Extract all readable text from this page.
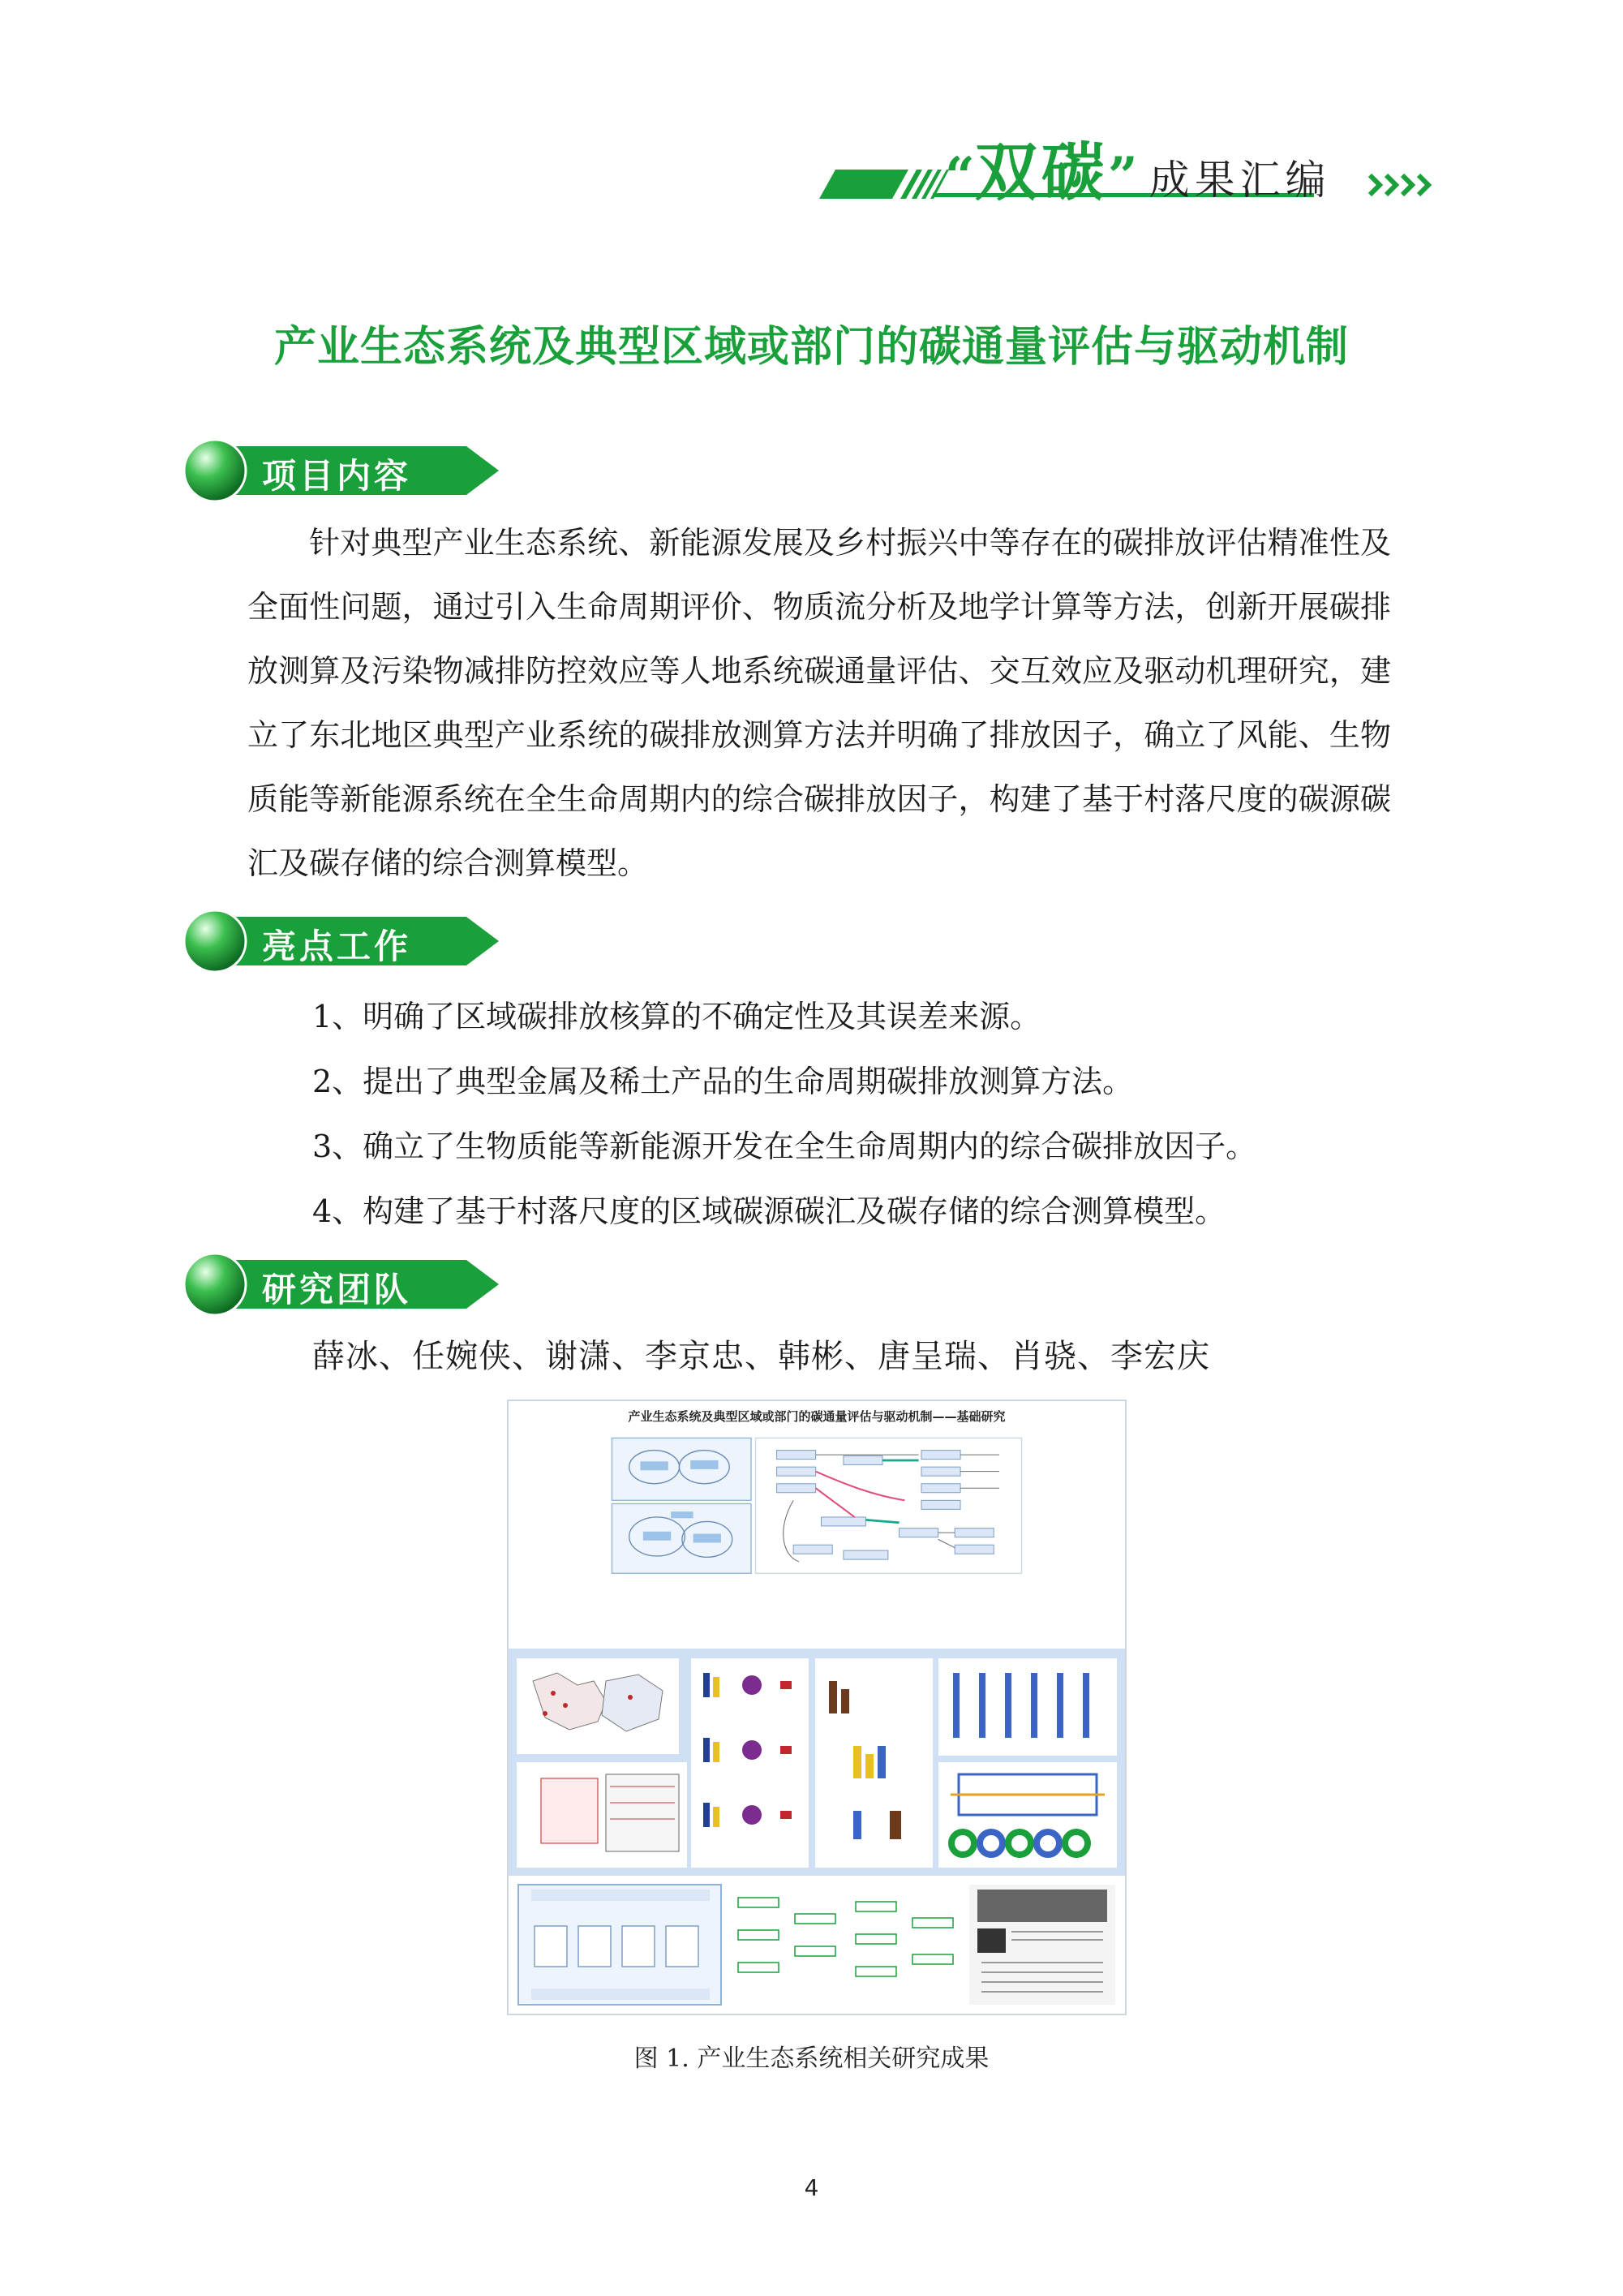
“双碳” 成果汇编
产业生态系统及典型区域或部门的碳通量评估与驱动机制
项目内容
针对典型产业生态系统、新能源发展及乡村振兴中等存在的碳排放评估精准性及全面性问题，通过引入生命周期评价、物质流分析及地学计算等方法，创新开展碳排放测算及污染物减排防控效应等人地系统碳通量评估、交互效应及驱动机理研究，建立了东北地区典型产业系统的碳排放测算方法并明确了排放因子，确立了风能、生物质能等新能源系统在全生命周期内的综合碳排放因子，构建了基于村落尺度的碳源碳汇及碳存储的综合测算模型。
亮点工作
1、明确了区域碳排放核算的不确定性及其误差来源。
2、提出了典型金属及稀土产品的生命周期碳排放测算方法。
3、确立了生物质能等新能源开发在全生命周期内的综合碳排放因子。
4、构建了基于村落尺度的区域碳源碳汇及碳存储的综合测算模型。
研究团队
薛冰、任婉侠、谢潇、李京忠、韩彬、唐呈瑞、肖骁、李宏庆
产业生态系统及典型区域或部门的碳通量评估与驱动机制——基础研究
图 1. 产业生态系统相关研究成果
4
